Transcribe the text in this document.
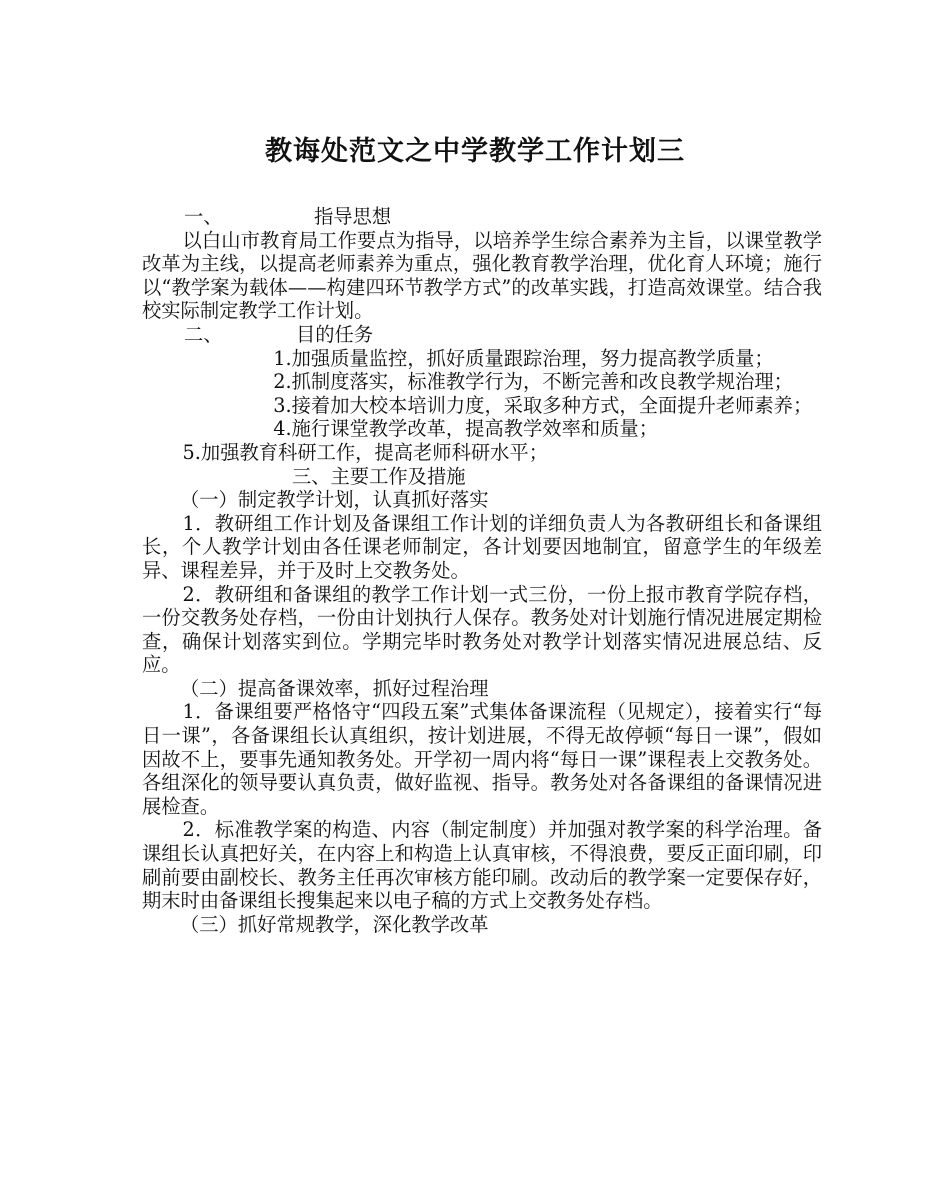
教诲处范文之中学教学工作计划三

一、	指导思想

以白山市教育局工作要点为指导，以培养学生综合素养为主旨，以课堂教学改革为主线，以提高老师素养为重点，强化教育教学治理，优化育人环境；施行以“教学案为载体——构建四环节教学方式”的改革实践，打造高效课堂。结合我校实际制定教学工作计划。

二、	目的任务

1.加强质量监控，抓好质量跟踪治理，努力提高教学质量；

2.抓制度落实，标准教学行为，不断完善和改良教学规治理；

3.接着加大校本培训力度，采取多种方式，全面提升老师素养；

4.施行课堂教学改革，提高教学效率和质量；

5.加强教育科研工作，提高老师科研水平；

三、主要工作及措施

（一）制定教学计划，认真抓好落实

1．教研组工作计划及备课组工作计划的详细负责人为各教研组长和备课组长，个人教学计划由各任课老师制定，各计划要因地制宜，留意学生的年级差异、课程差异，并于及时上交教务处。

2．教研组和备课组的教学工作计划一式三份，一份上报市教育学院存档，一份交教务处存档，一份由计划执行人保存。教务处对计划施行情况进展定期检查，确保计划落实到位。学期完毕时教务处对教学计划落实情况进展总结、反应。

（二）提高备课效率，抓好过程治理

1．备课组要严格恪守“四段五案”式集体备课流程（见规定），接着实行“每日一课”，各备课组长认真组织，按计划进展，不得无故停顿“每日一课”，假如因故不上，要事先通知教务处。开学初一周内将“每日一课”课程表上交教务处。各组深化的领导要认真负责，做好监视、指导。教务处对各备课组的备课情况进展检查。

2．标准教学案的构造、内容（制定制度）并加强对教学案的科学治理。备课组长认真把好关，在内容上和构造上认真审核，不得浪费，要反正面印刷，印刷前要由副校长、教务主任再次审核方能印刷。改动后的教学案一定要保存好，期末时由备课组长搜集起来以电子稿的方式上交教务处存档。

（三）抓好常规教学，深化教学改革
